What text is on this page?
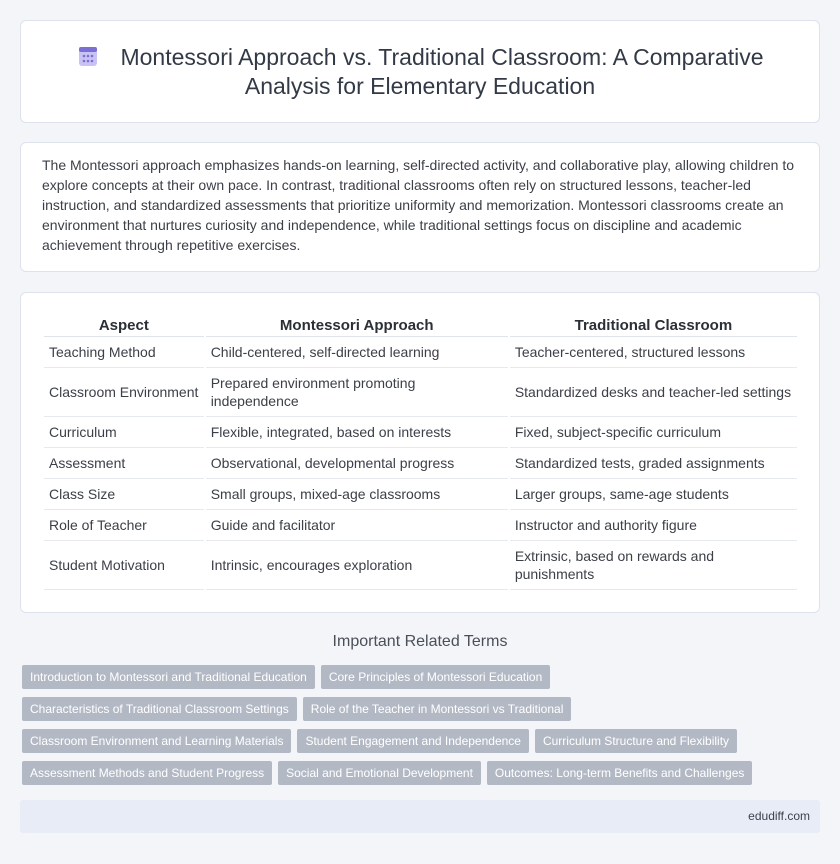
Montessori Approach vs. Traditional Classroom: A Comparative Analysis for Elementary Education

The Montessori approach emphasizes hands-on learning, self-directed activity, and collaborative play, allowing children to explore concepts at their own pace. In contrast, traditional classrooms often rely on structured lessons, teacher-led instruction, and standardized assessments that prioritize uniformity and memorization. Montessori classrooms create an environment that nurtures curiosity and independence, while traditional settings focus on discipline and academic achievement through repetitive exercises.

Aspect	Montessori Approach	Traditional Classroom
Teaching Method	Child-centered, self-directed learning	Teacher-centered, structured lessons
Classroom Environment	Prepared environment promoting independence	Standardized desks and teacher-led settings
Curriculum	Flexible, integrated, based on interests	Fixed, subject-specific curriculum
Assessment	Observational, developmental progress	Standardized tests, graded assignments
Class Size	Small groups, mixed-age classrooms	Larger groups, same-age students
Role of Teacher	Guide and facilitator	Instructor and authority figure
Student Motivation	Intrinsic, encourages exploration	Extrinsic, based on rewards and punishments
Important Related Terms
Introduction to Montessori and Traditional Education Core Principles of Montessori Education
Characteristics of Traditional Classroom Settings Role of the Teacher in Montessori vs Traditional
Classroom Environment and Learning Materials Student Engagement and Independence Curriculum Structure and Flexibility
Assessment Methods and Student Progress Social and Emotional Development Outcomes: Long-term Benefits and Challenges
edudiff.com
